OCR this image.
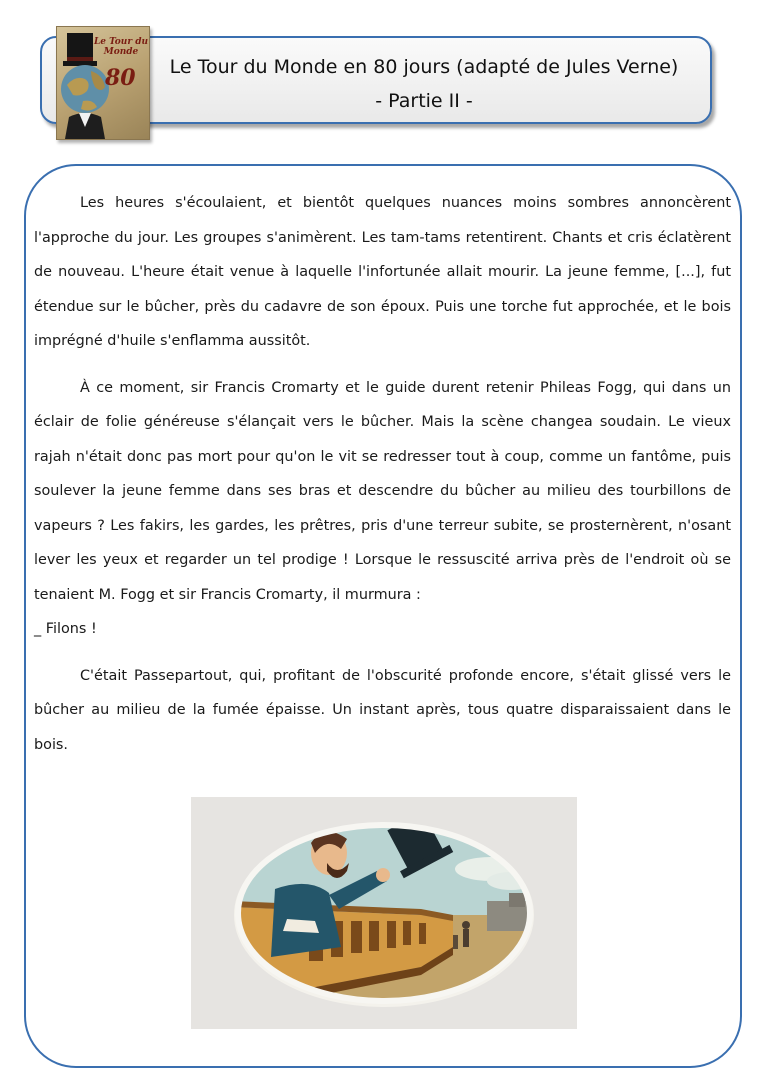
Le Tour du Monde en 80 jours (adapté de Jules Verne)
- Partie II -
Le Tour du Monde
80

Les heures s'écoulaient, et bientôt quelques nuances moins sombres annoncèrent l'approche du jour. Les groupes s'animèrent. Les tam-tams retentirent. Chants et cris éclatèrent de nouveau. L'heure était venue à laquelle l'infortunée allait mourir. La jeune femme, [...], fut étendue sur le bûcher, près du cadavre de son époux. Puis une torche fut approchée, et le bois imprégné d'huile s'enflamma aussitôt.

À ce moment, sir Francis Cromarty et le guide durent retenir Phileas Fogg, qui dans un éclair de folie généreuse s'élançait vers le bûcher. Mais la scène changea soudain. Le vieux rajah n'était donc pas mort pour qu'on le vit se redresser tout à coup, comme un fantôme, puis soulever la jeune femme dans ses bras et descendre du bûcher au milieu des tourbillons de vapeurs ? Les fakirs, les gardes, les prêtres, pris d'une terreur subite, se prosternèrent, n'osant lever les yeux et regarder un tel prodige ! Lorsque le ressuscité arriva près de l'endroit où se tenaient M. Fogg et sir Francis Cromarty, il murmura :

_ Filons !

C'était Passepartout, qui, profitant de l'obscurité profonde encore, s'était glissé vers le bûcher au milieu de la fumée épaisse. Un instant après, tous quatre disparaissaient dans le bois.
